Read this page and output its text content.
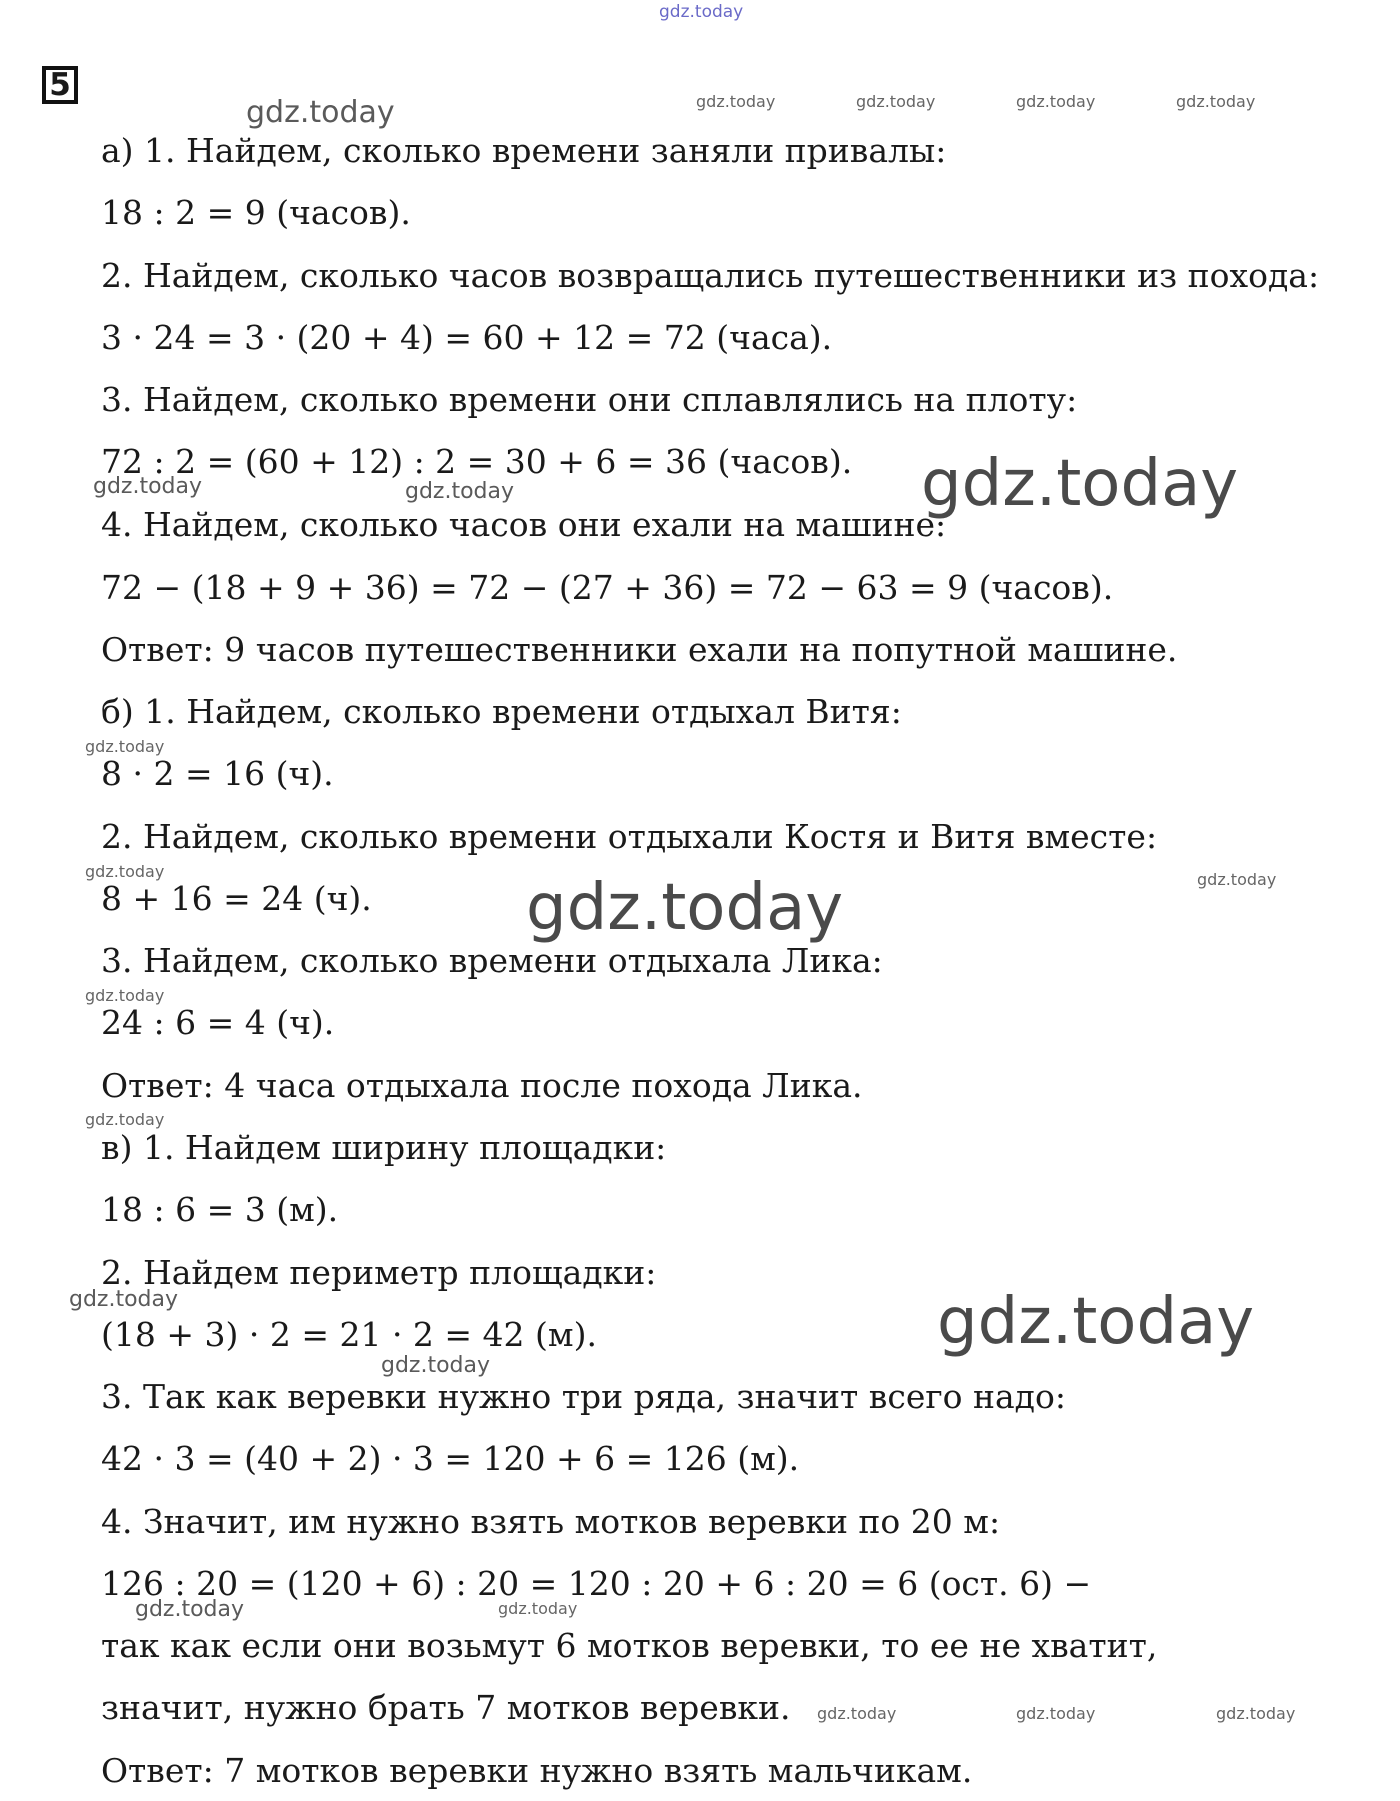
5
а) 1. Найдем, сколько времени заняли привалы:
18 : 2 = 9 (часов).
2. Найдем, сколько часов возвращались путешественники из похода:
3 · 24 = 3 · (20 + 4) = 60 + 12 = 72 (часа).
3. Найдем, сколько времени они сплавлялись на плоту:
72 : 2 = (60 + 12) : 2 = 30 + 6 = 36 (часов).
4. Найдем, сколько часов они ехали на машине:
72 − (18 + 9 + 36) = 72 − (27 + 36) = 72 − 63 = 9 (часов).
Ответ: 9 часов путешественники ехали на попутной машине.
б) 1. Найдем, сколько времени отдыхал Витя:
8 · 2 = 16 (ч).
2. Найдем, сколько времени отдыхали Костя и Витя вместе:
8 + 16 = 24 (ч).
3. Найдем, сколько времени отдыхала Лика:
24 : 6 = 4 (ч).
Ответ: 4 часа отдыхала после похода Лика.
в) 1. Найдем ширину площадки:
18 : 6 = 3 (м).
2. Найдем периметр площадки:
(18 + 3) · 2 = 21 · 2 = 42 (м).
3. Так как веревки нужно три ряда, значит всего надо:
42 · 3 = (40 + 2) · 3 = 120 + 6 = 126 (м).
4. Значит, им нужно взять мотков веревки по 20 м:
126 : 20 = (120 + 6) : 20 = 120 : 20 + 6 : 20 = 6 (ост. 6) −
так как если они возьмут 6 мотков веревки, то ее не хватит,
значит, нужно брать 7 мотков веревки.
Ответ: 7 мотков веревки нужно взять мальчикам.
gdz.today
gdz.today	gdz.today	gdz.today	gdz.today
gdz.today
gdz.today	gdz.today	gdz.today
gdz.today
gdz.today	gdz.today	gdz.today
gdz.today
gdz.today
gdz.today	gdz.today
gdz.today
gdz.today
gdz.today
gdz.today	gdz.today	gdz.today
